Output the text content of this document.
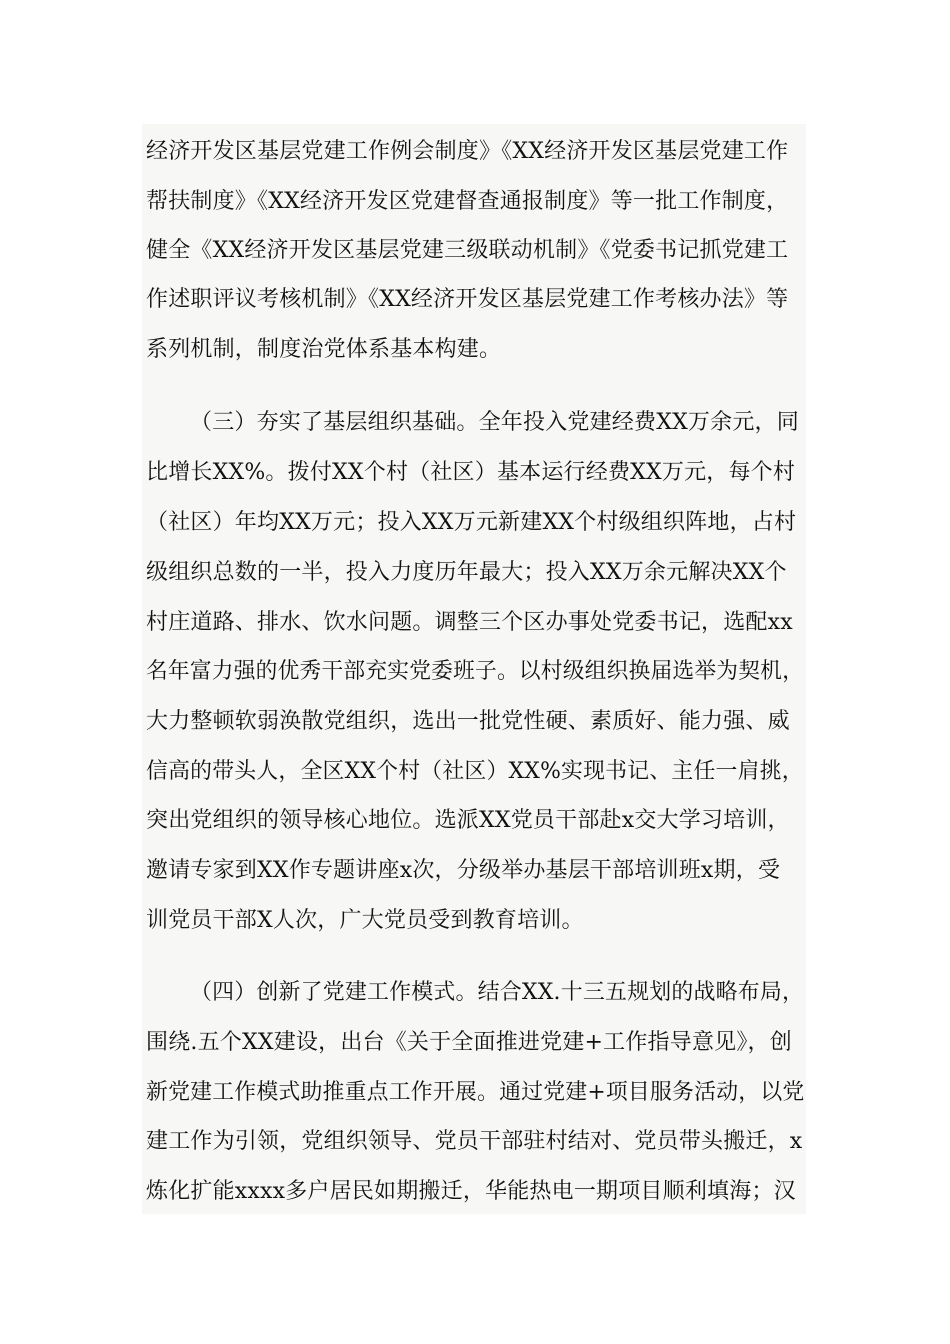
经济开发区基层党建工作例会制度》《XX经济开发区基层党建工作
帮扶制度》《XX经济开发区党建督查通报制度》等一批工作制度，
健全《XX经济开发区基层党建三级联动机制》《党委书记抓党建工
作述职评议考核机制》《XX经济开发区基层党建工作考核办法》等
系列机制，制度治党体系基本构建。
（三）夯实了基层组织基础。全年投入党建经费XX万余元，同
比增长XX%。拨付XX个村（社区）基本运行经费XX万元，每个村
（社区）年均XX万元；投入XX万元新建XX个村级组织阵地，占村
级组织总数的一半，投入力度历年最大；投入XX万余元解决XX个
村庄道路、排水、饮水问题。调整三个区办事处党委书记，选配xx
名年富力强的优秀干部充实党委班子。以村级组织换届选举为契机，
大力整顿软弱涣散党组织，选出一批党性硬、素质好、能力强、威
信高的带头人，全区XX个村（社区）XX%实现书记、主任一肩挑，
突出党组织的领导核心地位。选派XX党员干部赴x交大学习培训，
邀请专家到XX作专题讲座x次，分级举办基层干部培训班x期，受
训党员干部X人次，广大党员受到教育培训。
（四）创新了党建工作模式。结合XX.十三五规划的战略布局，
围绕.五个XX建设，出台《关于全面推进党建+工作指导意见》，创
新党建工作模式助推重点工作开展。通过党建+项目服务活动，以党
建工作为引领，党组织领导、党员干部驻村结对、党员带头搬迁，x
炼化扩能xxxx多户居民如期搬迁，华能热电一期项目顺利填海；汉
